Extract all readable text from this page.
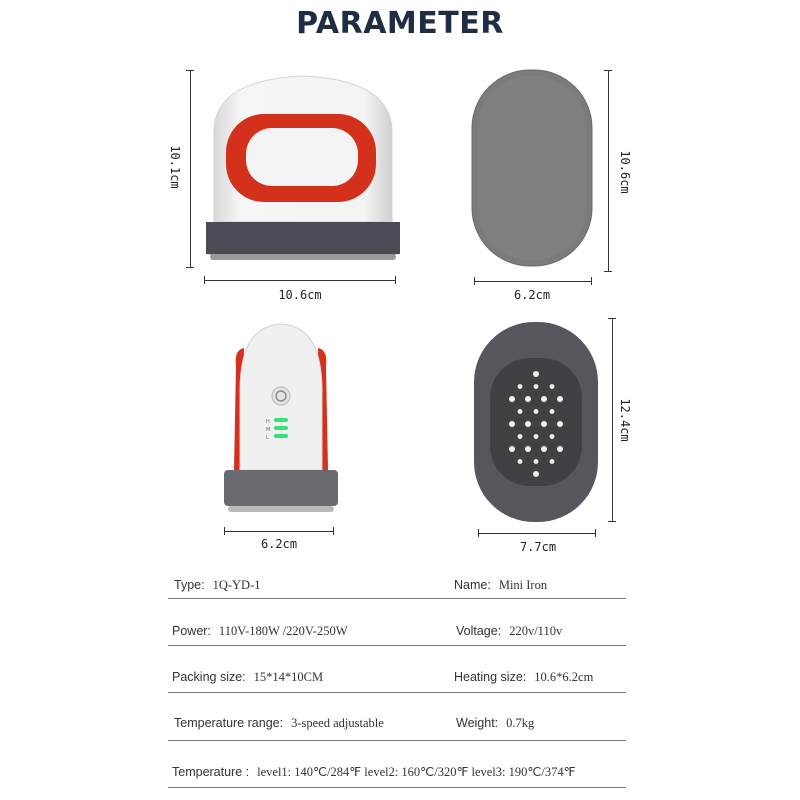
PARAMETER
10.1cm
10.6cm
10.6cm
6.2cm
H
M
L
6.2cm
12.4cm
7.7cm
Type: 1Q-YD-1	Name: Mini Iron
Power: 110V-180W /220V-250W	Voltage: 220v/110v
Packing size: 15*14*10CM	Heating size: 10.6*6.2cm
Temperature range: 3-speed adjustable	Weight: 0.7kg
Temperature : level1: 140℃/284℉ level2: 160℃/320℉ level3: 190℃/374℉
